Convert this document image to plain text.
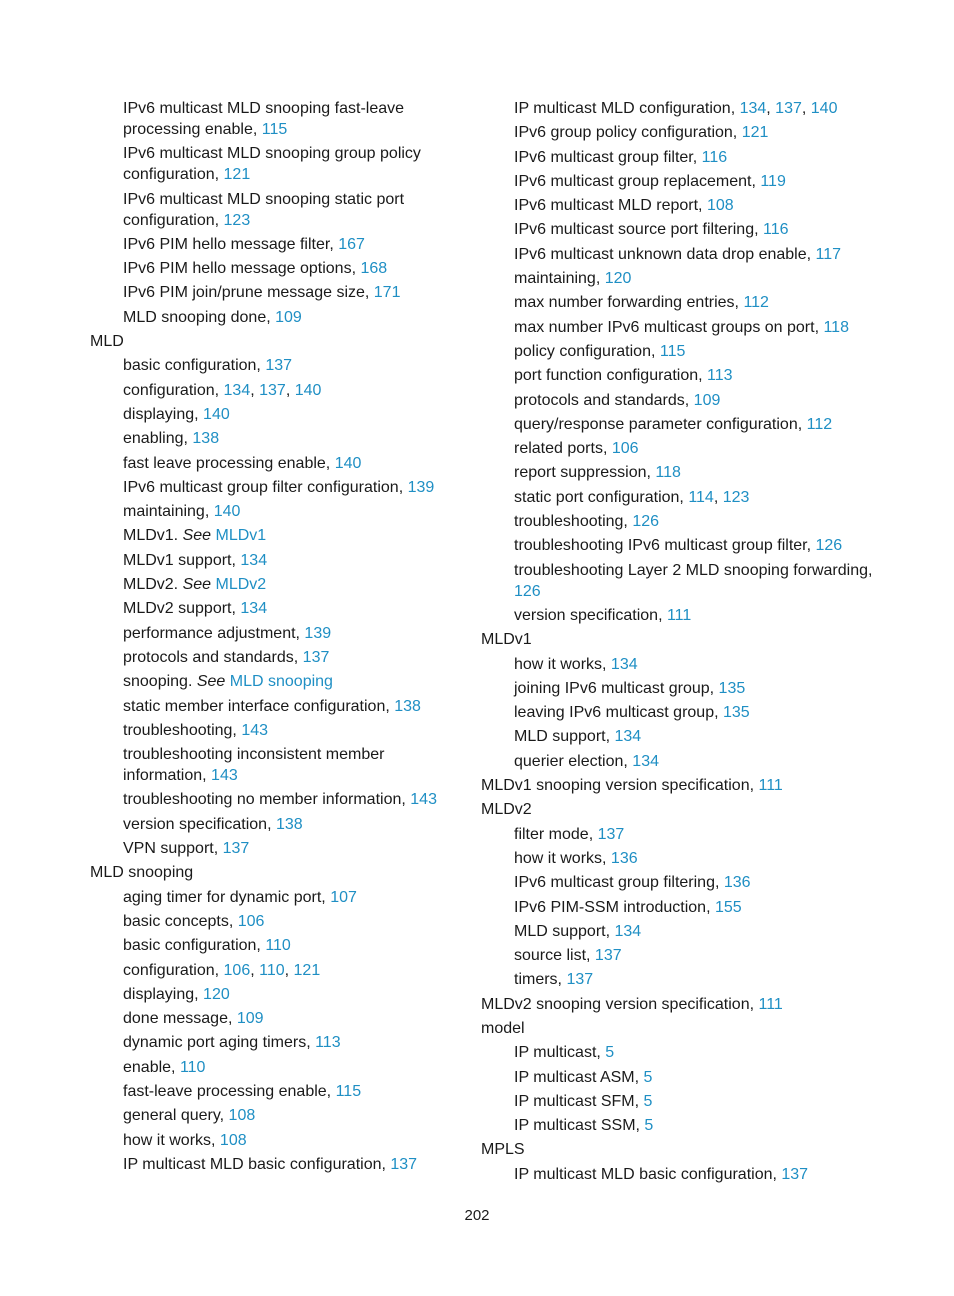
IPv6 multicast MLD snooping fast-leave processing enable, 115
IPv6 multicast MLD snooping group policy configuration, 121
IPv6 multicast MLD snooping static port configuration, 123
IPv6 PIM hello message filter, 167
IPv6 PIM hello message options, 168
IPv6 PIM join/prune message size, 171
MLD snooping done, 109
MLD
basic configuration, 137
configuration, 134, 137, 140
displaying, 140
enabling, 138
fast leave processing enable, 140
IPv6 multicast group filter configuration, 139
maintaining, 140
MLDv1. See MLDv1
MLDv1 support, 134
MLDv2. See MLDv2
MLDv2 support, 134
performance adjustment, 139
protocols and standards, 137
snooping. See MLD snooping
static member interface configuration, 138
troubleshooting, 143
troubleshooting inconsistent member information, 143
troubleshooting no member information, 143
version specification, 138
VPN support, 137
MLD snooping
aging timer for dynamic port, 107
basic concepts, 106
basic configuration, 110
configuration, 106, 110, 121
displaying, 120
done message, 109
dynamic port aging timers, 113
enable, 110
fast-leave processing enable, 115
general query, 108
how it works, 108
IP multicast MLD basic configuration, 137
IP multicast MLD configuration, 134, 137, 140
IPv6 group policy configuration, 121
IPv6 multicast group filter, 116
IPv6 multicast group replacement, 119
IPv6 multicast MLD report, 108
IPv6 multicast source port filtering, 116
IPv6 multicast unknown data drop enable, 117
maintaining, 120
max number forwarding entries, 112
max number IPv6 multicast groups on port, 118
policy configuration, 115
port function configuration, 113
protocols and standards, 109
query/response parameter configuration, 112
related ports, 106
report suppression, 118
static port configuration, 114, 123
troubleshooting, 126
troubleshooting IPv6 multicast group filter, 126
troubleshooting Layer 2 MLD snooping forwarding, 126
version specification, 111
MLDv1
how it works, 134
joining IPv6 multicast group, 135
leaving IPv6 multicast group, 135
MLD support, 134
querier election, 134
MLDv1 snooping version specification, 111
MLDv2
filter mode, 137
how it works, 136
IPv6 multicast group filtering, 136
IPv6 PIM-SSM introduction, 155
MLD support, 134
source list, 137
timers, 137
MLDv2 snooping version specification, 111
model
IP multicast, 5
IP multicast ASM, 5
IP multicast SFM, 5
IP multicast SSM, 5
MPLS
IP multicast MLD basic configuration, 137
202
